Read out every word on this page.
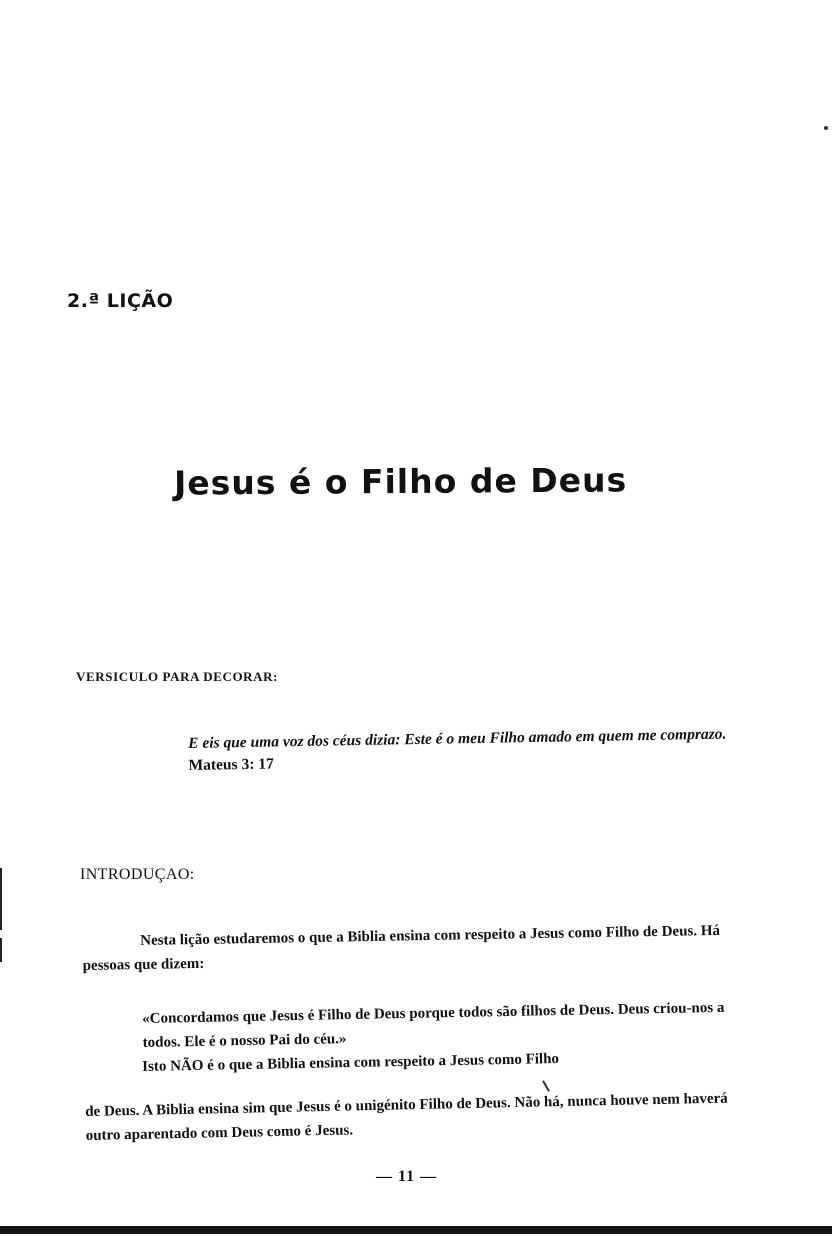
2.ª LIÇÃO
Jesus é o Filho de Deus
VERSICULO PARA DECORAR:
E eis que uma voz dos céus dizia: Este é o meu Filho amado em quem me comprazo. Mateus 3: 17
INTRODUÇAO:
Nesta lição estudaremos o que a Biblia ensina com respeito a Jesus como Filho de Deus. Há pessoas que dizem:
«Concordamos que Jesus é Filho de Deus porque todos são filhos de Deus. Deus criou-nos a todos. Ele é o nosso Pai do céu.»
Isto NÃO é o que a Biblia ensina com respeito a Jesus como Filho
de Deus. A Biblia ensina sim que Jesus é o unigénito Filho de Deus. Não há, nunca houve nem haverá outro aparentado com Deus como é Jesus.
— 11 —
